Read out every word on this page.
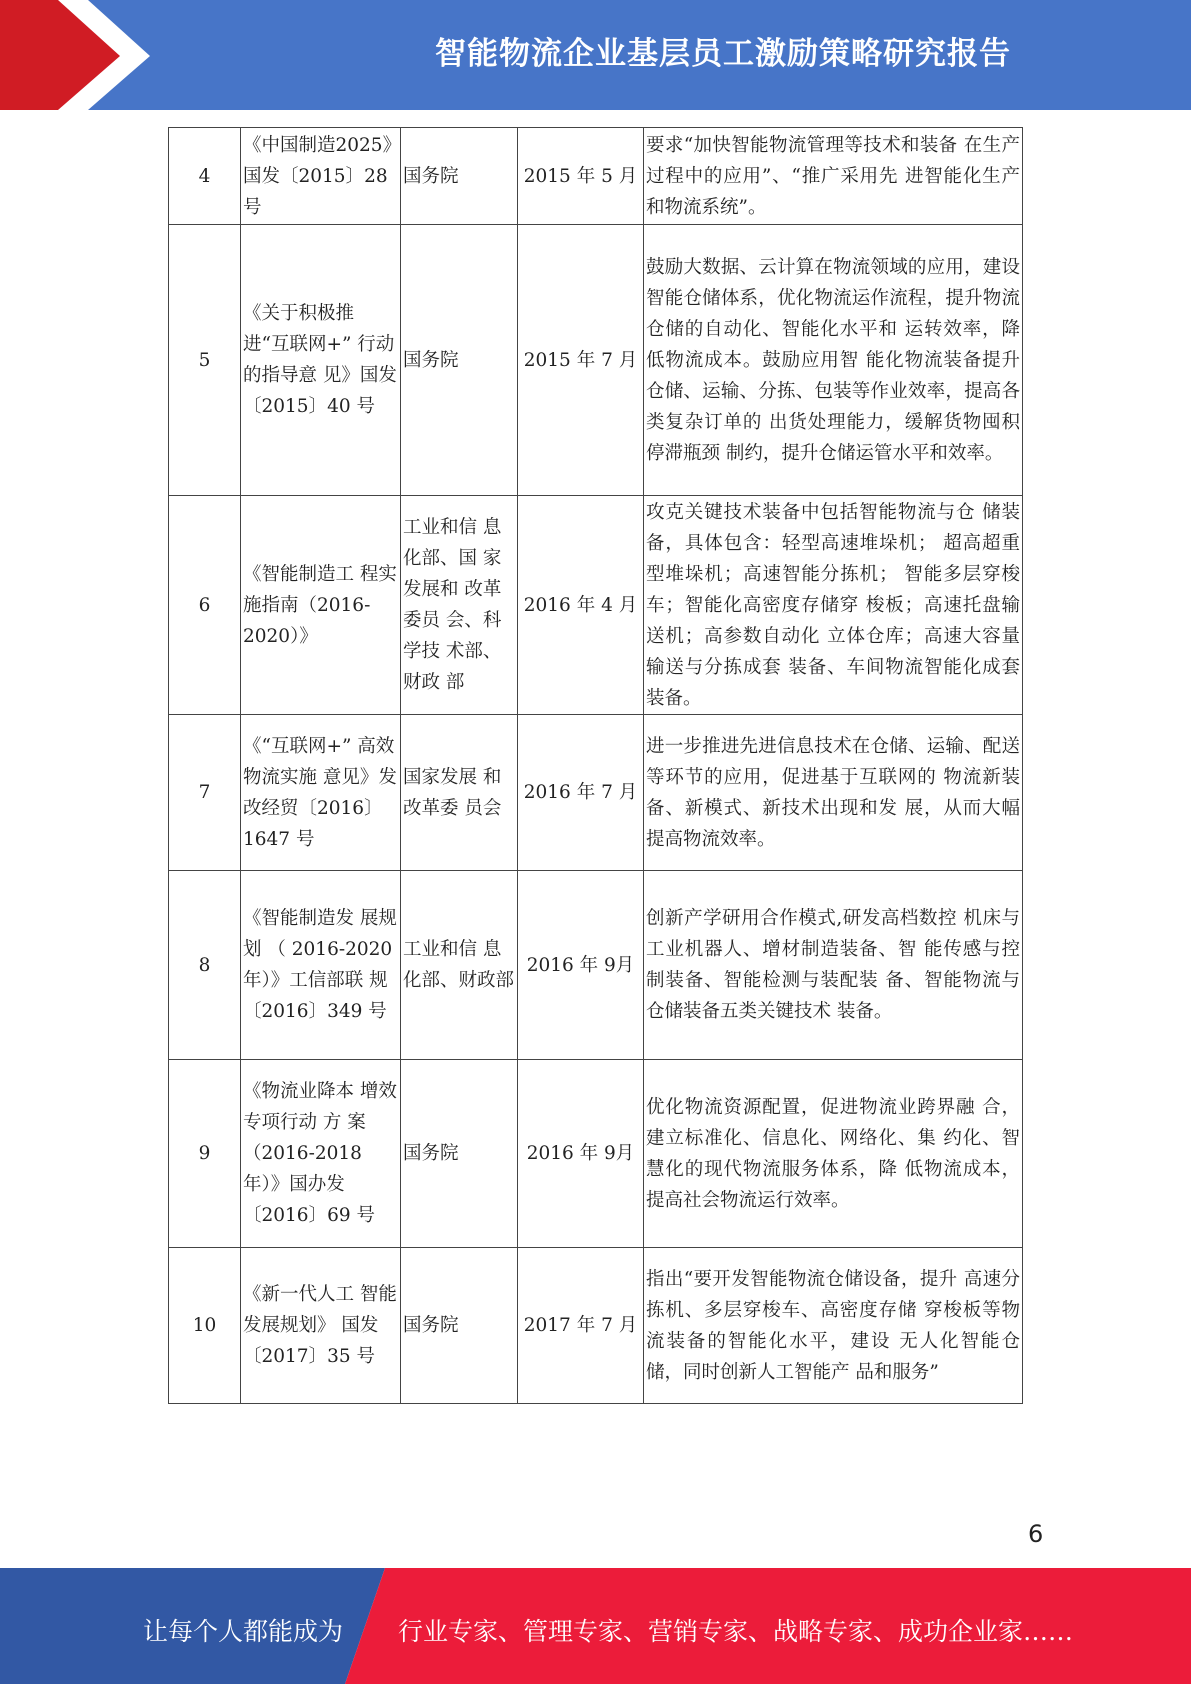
智能物流企业基层员工激励策略研究报告
4	《中国制造2025》国发〔2015〕28 号	国务院	2015 年 5 月	要求“加快智能物流管理等技术和装备 在生产过程中的应用”、“推广采用先 进智能化生产和物流系统”。
5	《关于积极推 进“互联网+” 行动的指导意 见》国发〔2015〕40 号	国务院	2015 年 7 月	鼓励大数据、云计算在物流领域的应用，建设智能仓储体系，优化物流运作流程，提升物流仓储的自动化、智能化水平和 运转效率，降低物流成本。鼓励应用智 能化物流装备提升仓储、运输、分拣、包装等作业效率，提高各类复杂订单的 出货处理能力，缓解货物囤积停滞瓶颈 制约，提升仓储运管水平和效率。
6	《智能制造工 程实施指南（2016-2020）》	工业和信 息化部、国 家发展和 改革委员 会、科学技 术部、财政 部	2016 年 4 月	攻克关键技术装备中包括智能物流与仓 储装备，具体包含：轻型高速堆垛机； 超高超重型堆垛机；高速智能分拣机； 智能多层穿梭车；智能化高密度存储穿 梭板；高速托盘输送机；高参数自动化 立体仓库；高速大容量输送与分拣成套 装备、车间物流智能化成套装备。
7	《“互联网+” 高效物流实施 意见》发改经贸〔2016〕1647 号	国家发展 和改革委 员会	2016 年 7 月	进一步推进先进信息技术在仓储、运输、配送等环节的应用，促进基于互联网的 物流新装备、新模式、新技术出现和发 展，从而大幅提高物流效率。
8	《智能制造发 展规 划 （ 2016-2020 年）》工信部联 规〔2016〕349 号	工业和信 息化部、财政部	2016 年 9月	创新产学研用合作模式,研发高档数控 机床与工业机器人、增材制造装备、智 能传感与控制装备、智能检测与装配装 备、智能物流与仓储装备五类关键技术 装备。
9	《物流业降本 增效专项行动 方 案（2016-2018 年）》国办发〔2016〕69 号	国务院	2016 年 9月	优化物流资源配置，促进物流业跨界融 合，建立标准化、信息化、网络化、集 约化、智慧化的现代物流服务体系，降 低物流成本，提高社会物流运行效率。
10	《新一代人工 智能发展规划》 国发〔2017〕35 号	国务院	2017 年 7 月	指出“要开发智能物流仓储设备，提升 高速分拣机、多层穿梭车、高密度存储 穿梭板等物流装备的智能化水平，建设 无人化智能仓储，同时创新人工智能产 品和服务”
6
让每个人都能成为 行业专家、管理专家、营销专家、战略专家、成功企业家……
